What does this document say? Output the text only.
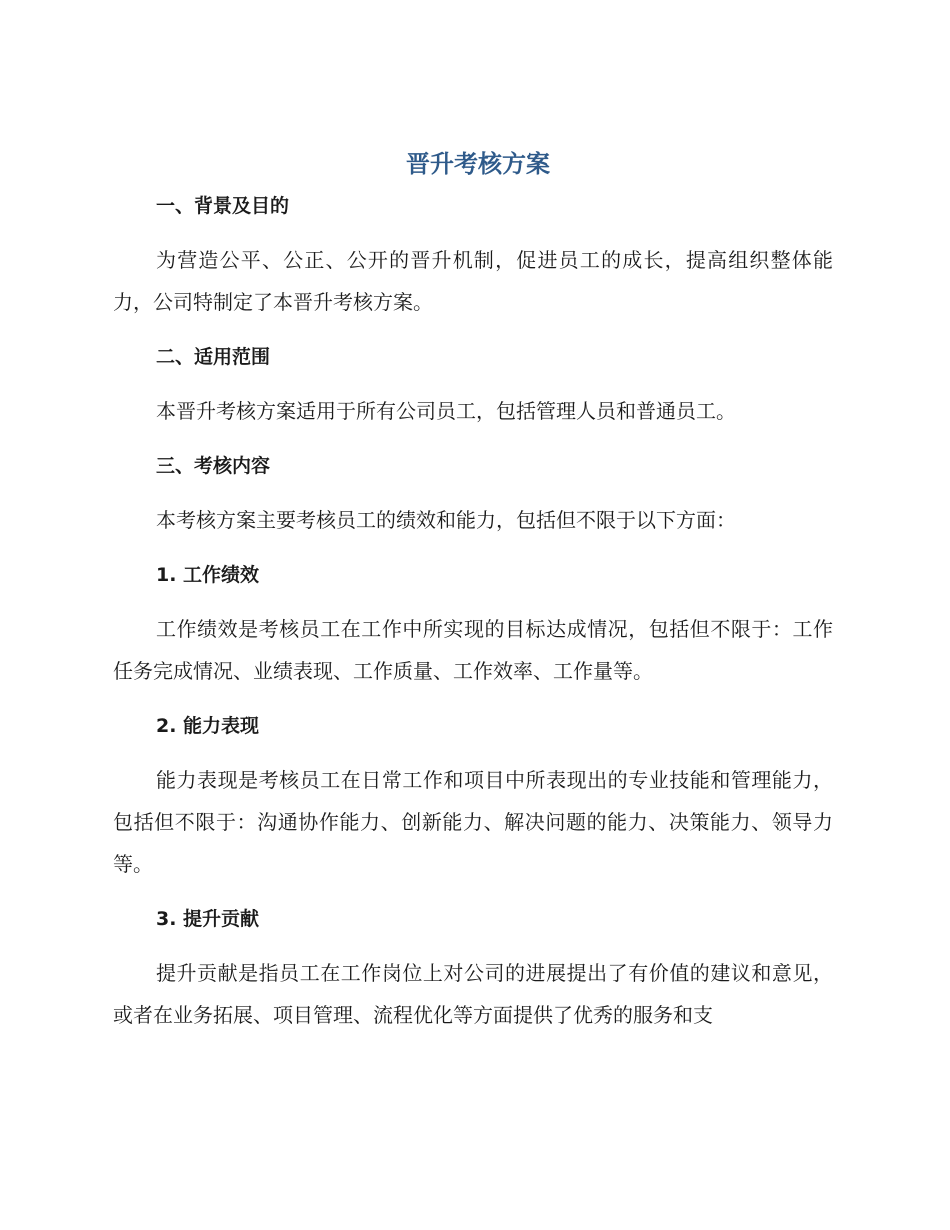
晋升考核方案
一、背景及目的
为营造公平、公正、公开的晋升机制，促进员工的成长，提高组织整体能力，公司特制定了本晋升考核方案。
二、适用范围
本晋升考核方案适用于所有公司员工，包括管理人员和普通员工。
三、考核内容
本考核方案主要考核员工的绩效和能力，包括但不限于以下方面：
1. 工作绩效
工作绩效是考核员工在工作中所实现的目标达成情况，包括但不限于：工作任务完成情况、业绩表现、工作质量、工作效率、工作量等。
2. 能力表现
能力表现是考核员工在日常工作和项目中所表现出的专业技能和管理能力，包括但不限于：沟通协作能力、创新能力、解决问题的能力、决策能力、领导力等。
3. 提升贡献
提升贡献是指员工在工作岗位上对公司的进展提出了有价值的建议和意见，或者在业务拓展、项目管理、流程优化等方面提供了优秀的服务和支
